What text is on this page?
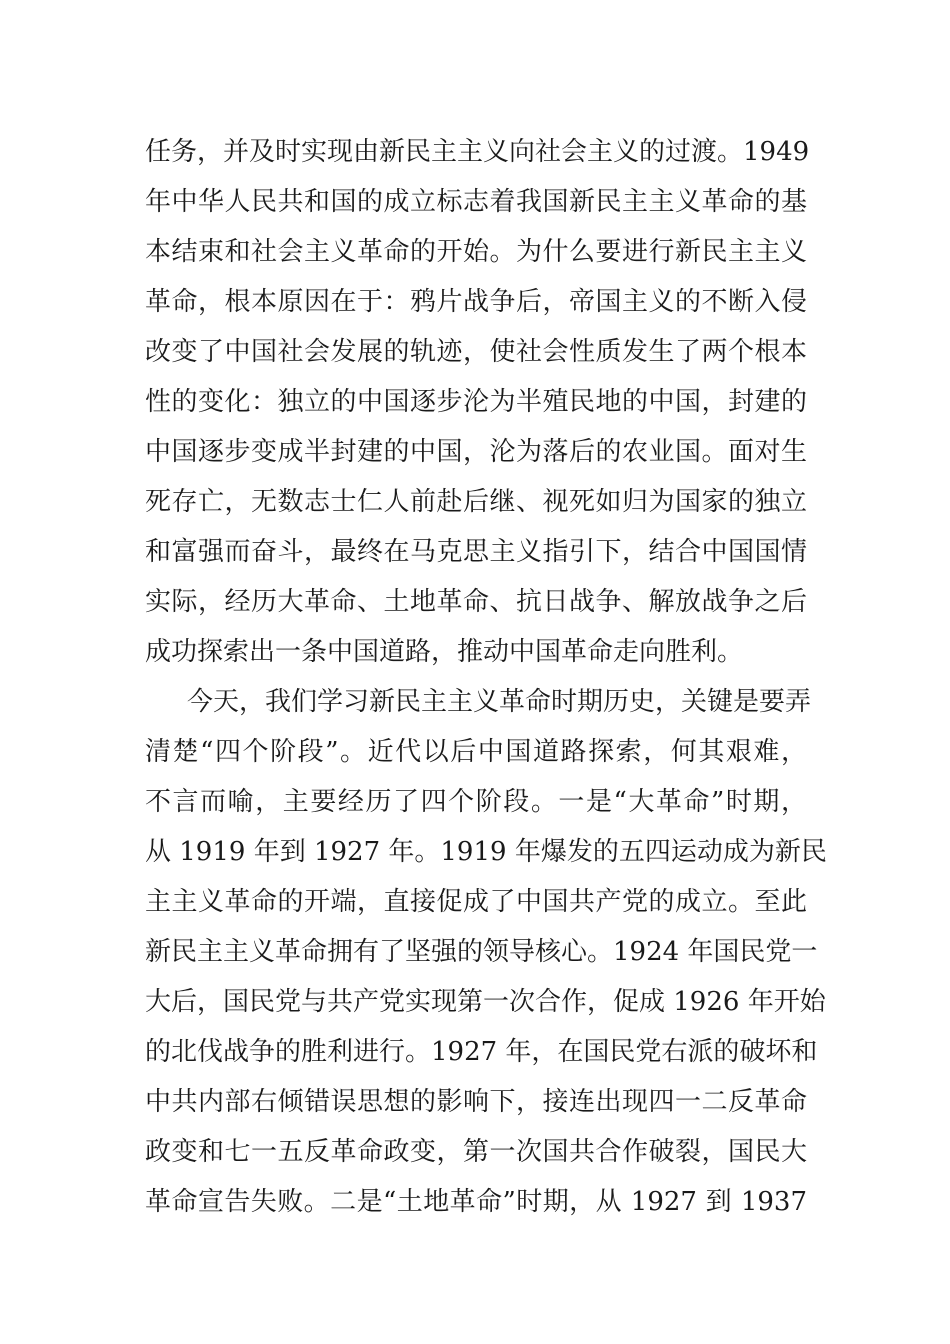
任务，并及时实现由新民主主义向社会主义的过渡。1949
年中华人民共和国的成立标志着我国新民主主义革命的基
本结束和社会主义革命的开始。为什么要进行新民主主义
革命，根本原因在于：鸦片战争后，帝国主义的不断入侵
改变了中国社会发展的轨迹，使社会性质发生了两个根本
性的变化：独立的中国逐步沦为半殖民地的中国，封建的
中国逐步变成半封建的中国，沦为落后的农业国。面对生
死存亡，无数志士仁人前赴后继、视死如归为国家的独立
和富强而奋斗，最终在马克思主义指引下，结合中国国情
实际，经历大革命、土地革命、抗日战争、解放战争之后
成功探索出一条中国道路，推动中国革命走向胜利。
今天，我们学习新民主主义革命时期历史，关键是要弄
清楚“四个阶段”。近代以后中国道路探索，何其艰难，
不言而喻，主要经历了四个阶段。一是“大革命”时期，
从 1919 年到 1927 年。1919 年爆发的五四运动成为新民
主主义革命的开端，直接促成了中国共产党的成立。至此
新民主主义革命拥有了坚强的领导核心。1924 年国民党一
大后，国民党与共产党实现第一次合作，促成 1926 年开始
的北伐战争的胜利进行。1927 年，在国民党右派的破坏和
中共内部右倾错误思想的影响下，接连出现四一二反革命
政变和七一五反革命政变，第一次国共合作破裂，国民大
革命宣告失败。二是“土地革命”时期，从 1927 到 1937
